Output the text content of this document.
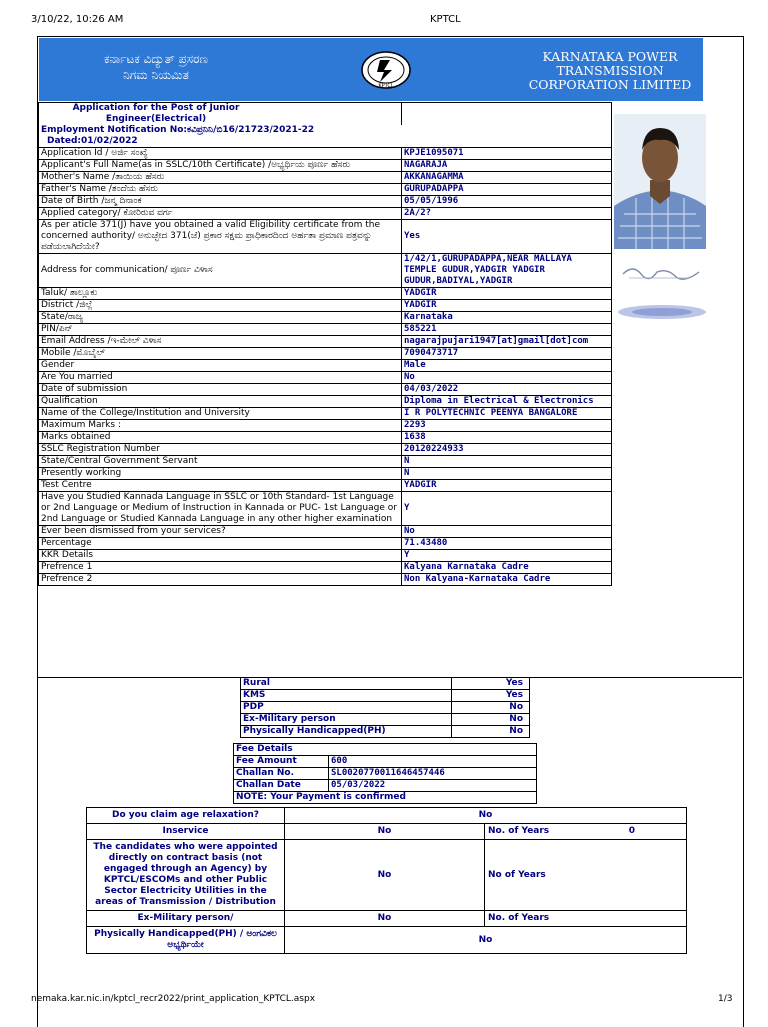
3/10/22, 10:26 AM	KPTCL
ಕರ್ನಾಟಕ ವಿದ್ಯುತ್ ಪ್ರಸರಣ
ನಿಗಮ ನಿಯಮಿತ
KPTCL
KARNATAKA POWER
TRANSMISSION
CORPORATION LIMITED
Application for the Post of Junior Engineer(Electrical)	

Employment Notification No:ಕವಿಪ್ರನಿನಿ/ಬಿ16/21723/2021-22
Dated:01/02/2022	

Application Id / ಅರ್ಜಿ ಸಂಖ್ಯೆ	KPJE1095071
Applicant's Full Name(as in SSLC/10th Certificate) /ಅಭ್ಯರ್ಥಿಯ ಪೂರ್ಣ ಹೆಸರು	NAGARAJA
Mother's Name /ತಾಯಿಯ ಹೆಸರು	AKKANAGAMMA
Father's Name /ತಂದೆಯ ಹೆಸರು	GURUPADAPPA
Date of Birth /ಜನ್ಮ ದಿನಾಂಕ	05/05/1996
Applied category/ ಕೋರಿರುವ ವರ್ಗ	2A/2?
As per aticle 371(J) have you obtained a valid Eligibility certificate from the concerned authority/ ಅನುಚ್ಛೇದ 371(ಜೆ) ಪ್ರಕಾರ ಸಕ್ಷಮ ಪ್ರಾಧಿಕಾರದಿಂದ ಅರ್ಹತಾ ಪ್ರಮಾಣ ಪತ್ರವನ್ನು ಪಡೆಯಲಾಗಿದೆಯೇ?	Yes
Address for communication/ ಪೂರ್ಣ ವಿಳಾಸ	1/42/1,GURUPADAPPA,NEAR MALLAYA TEMPLE GUDUR,YADGIR YADGIR GUDUR,BADIYAL,YADGIR
Taluk/ ತಾಲ್ಲೂಕು	YADGIR
District /ಜಿಲ್ಲೆ	YADGIR
State/ರಾಜ್ಯ	Karnataka
PIN/ಪಿನ್	585221
Email Address /ಇ-ಮೇಲ್ ವಿಳಾಸ	nagarajpujari1947[at]gmail[dot]com
Mobile /ಮೊಬೈಲ್	7090473717
Gender	Male
Are You married	No
Date of submission	04/03/2022
Qualification	Diploma in Electrical & Electronics
Name of the College/Institution and University	I R POLYTECHNIC PEENYA BANGALORE
Maximum Marks :	2293
Marks obtained	1638
SSLC Registration Number	20120224933
State/Central Government Servant	N
Presently working	N
Test Centre	YADGIR
Have you Studied Kannada Language in SSLC or 10th Standard- 1st Language or 2nd Language or Medium of Instruction in Kannada or PUC- 1st Language or 2nd Language or Studied Kannada Language in any other higher examination	Y
Ever been dismissed from your services?	No
Percentage	71.43480
KKR Details	Y
Prefrence 1	Kalyana Karnataka Cadre
Prefrence 2	Non Kalyana-Karnataka Cadre
Rural	Yes
KMS	Yes
PDP	No
Ex-Military person	No
Physically Handicapped(PH)	No
Fee Details	
Fee Amount	600
Challan No.	SL0020770011646457446
Challan Date	05/03/2022
NOTE: Your Payment is confirmed	
Do you claim age relaxation?	No	
Inservice	No	No. of Years 0

The candidates who were appointed directly on contract basis (not engaged through an Agency) by KPTCL/ESCOMs and other Public Sector Electricity Utilities in the areas of Transmission / Distribution	No	No of Years
Ex-Military person/	No	No. of Years
Physically Handicapped(PH) / ಅಂಗವಿಕಲ ಅಭ್ಯರ್ಥಿಯೇ	No	
nemaka.kar.nic.in/kptcl_recr2022/print_application_KPTCL.aspx	1/3
